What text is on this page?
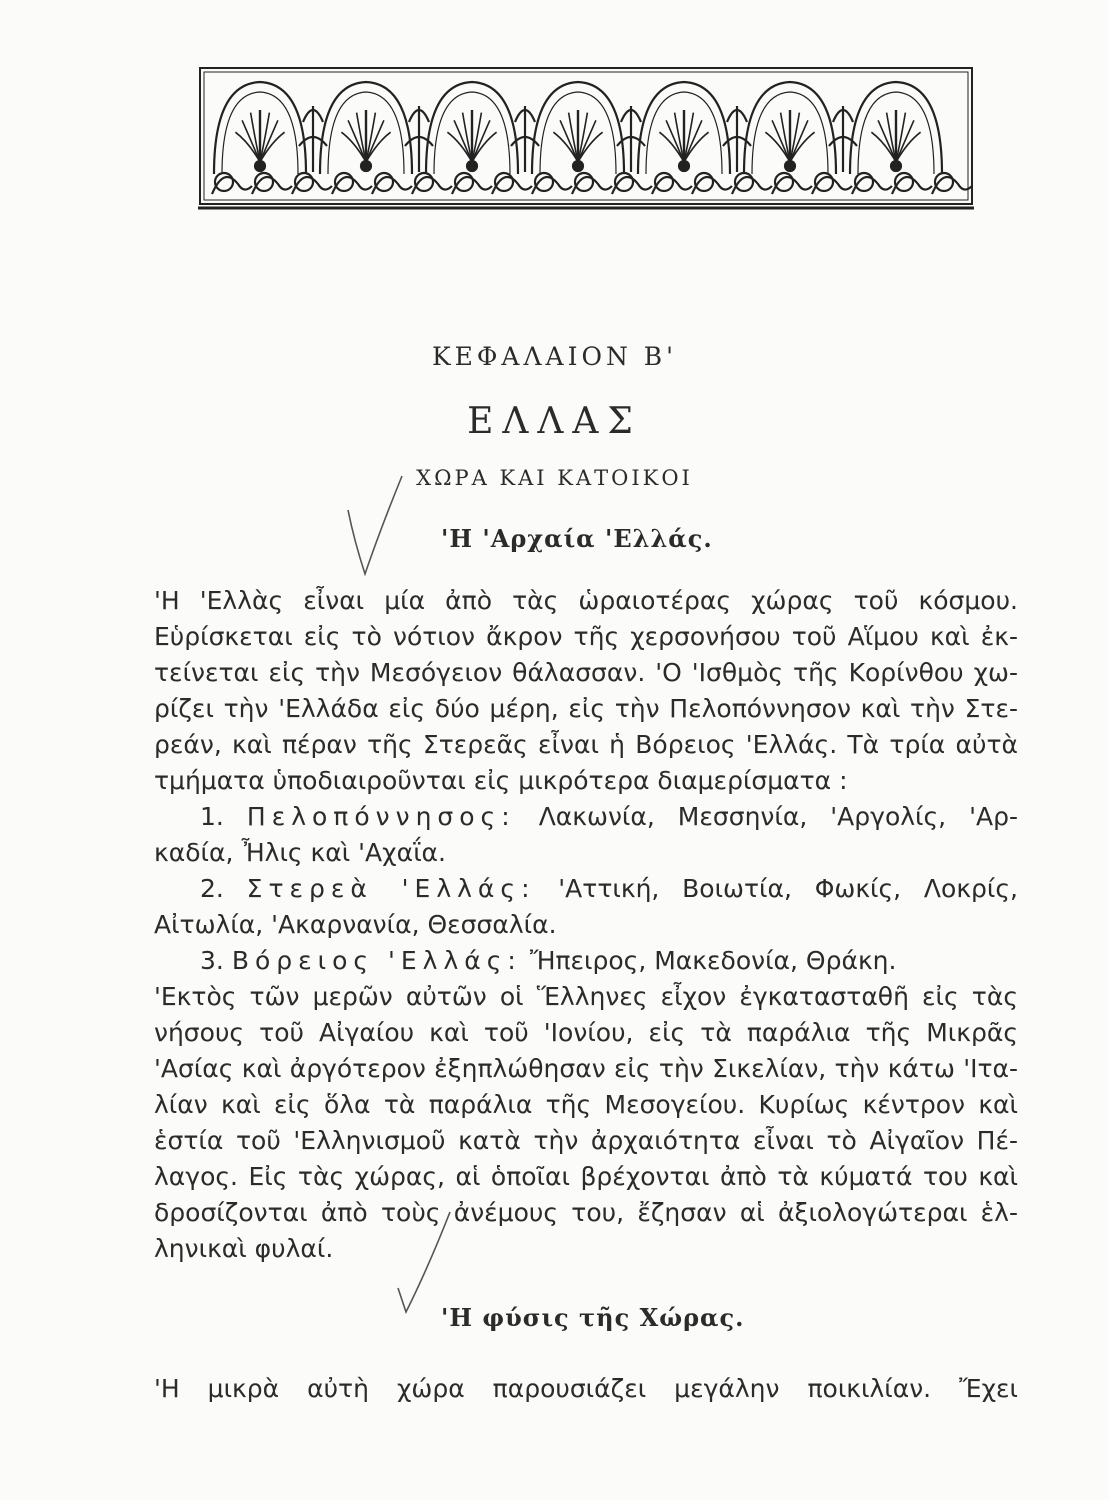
ΚΕΦΑΛΑΙΟΝ Β'
ΕΛΛΑΣ
ΧΩΡΑ ΚΑΙ ΚΑΤΟΙΚΟΙ
'Η 'Αρχαία 'Ελλάς.
'Η 'Ελλὰς εἶναι μία ἀπὸ τὰς ὡραιοτέρας χώρας τοῦ κόσμου.
Εὑρίσκεται εἰς τὸ νότιον ἄκρον τῆς χερσονήσου τοῦ Αἵμου καὶ ἐκ-
τείνεται εἰς τὴν Μεσόγειον θάλασσαν. 'Ο 'Ισθμὸς τῆς Κορίνθου χω-
ρίζει τὴν 'Ελλάδα εἰς δύο μέρη, εἰς τὴν Πελοπόννησον καὶ τὴν Στε-
ρεάν, καὶ πέραν τῆς Στερεᾶς εἶναι ἡ Βόρειος 'Ελλάς. Τὰ τρία αὐτὰ
τμήματα ὑποδιαιροῦνται εἰς μικρότερα διαμερίσματα :
1. Πελοπόννησος: Λακωνία, Μεσσηνία, 'Αργολίς, 'Αρ-
καδία, Ἦλις καὶ 'Αχαΐα.
2. Στερεὰ 'Ελλάς: 'Αττική, Βοιωτία, Φωκίς, Λοκρίς,
Αἰτωλία, 'Ακαρνανία, Θεσσαλία.
3. Βόρειος 'Ελλάς: Ἤπειρος, Μακεδονία, Θράκη.
'Εκτὸς τῶν μερῶν αὐτῶν οἱ Ἕλληνες εἶχον ἐγκατασταθῆ εἰς τὰς
νήσους τοῦ Αἰγαίου καὶ τοῦ 'Ιονίου, εἰς τὰ παράλια τῆς Μικρᾶς
'Ασίας καὶ ἀργότερον ἐξηπλώθησαν εἰς τὴν Σικελίαν, τὴν κάτω 'Ιτα-
λίαν καὶ εἰς ὅλα τὰ παράλια τῆς Μεσογείου. Κυρίως κέντρον καὶ
ἑστία τοῦ 'Ελληνισμοῦ κατὰ τὴν ἀρχαιότητα εἶναι τὸ Αἰγαῖον Πέ-
λαγος. Εἰς τὰς χώρας, αἱ ὁποῖαι βρέχονται ἀπὸ τὰ κύματά του καὶ
δροσίζονται ἀπὸ τοὺς ἀνέμους του, ἔζησαν αἱ ἀξιολογώτεραι ἑλ-
ληνικαὶ φυλαί.
'Η φύσις τῆς Χώρας.
'Η μικρὰ αὐτὴ χώρα παρουσιάζει μεγάλην ποικιλίαν. Ἔχει
